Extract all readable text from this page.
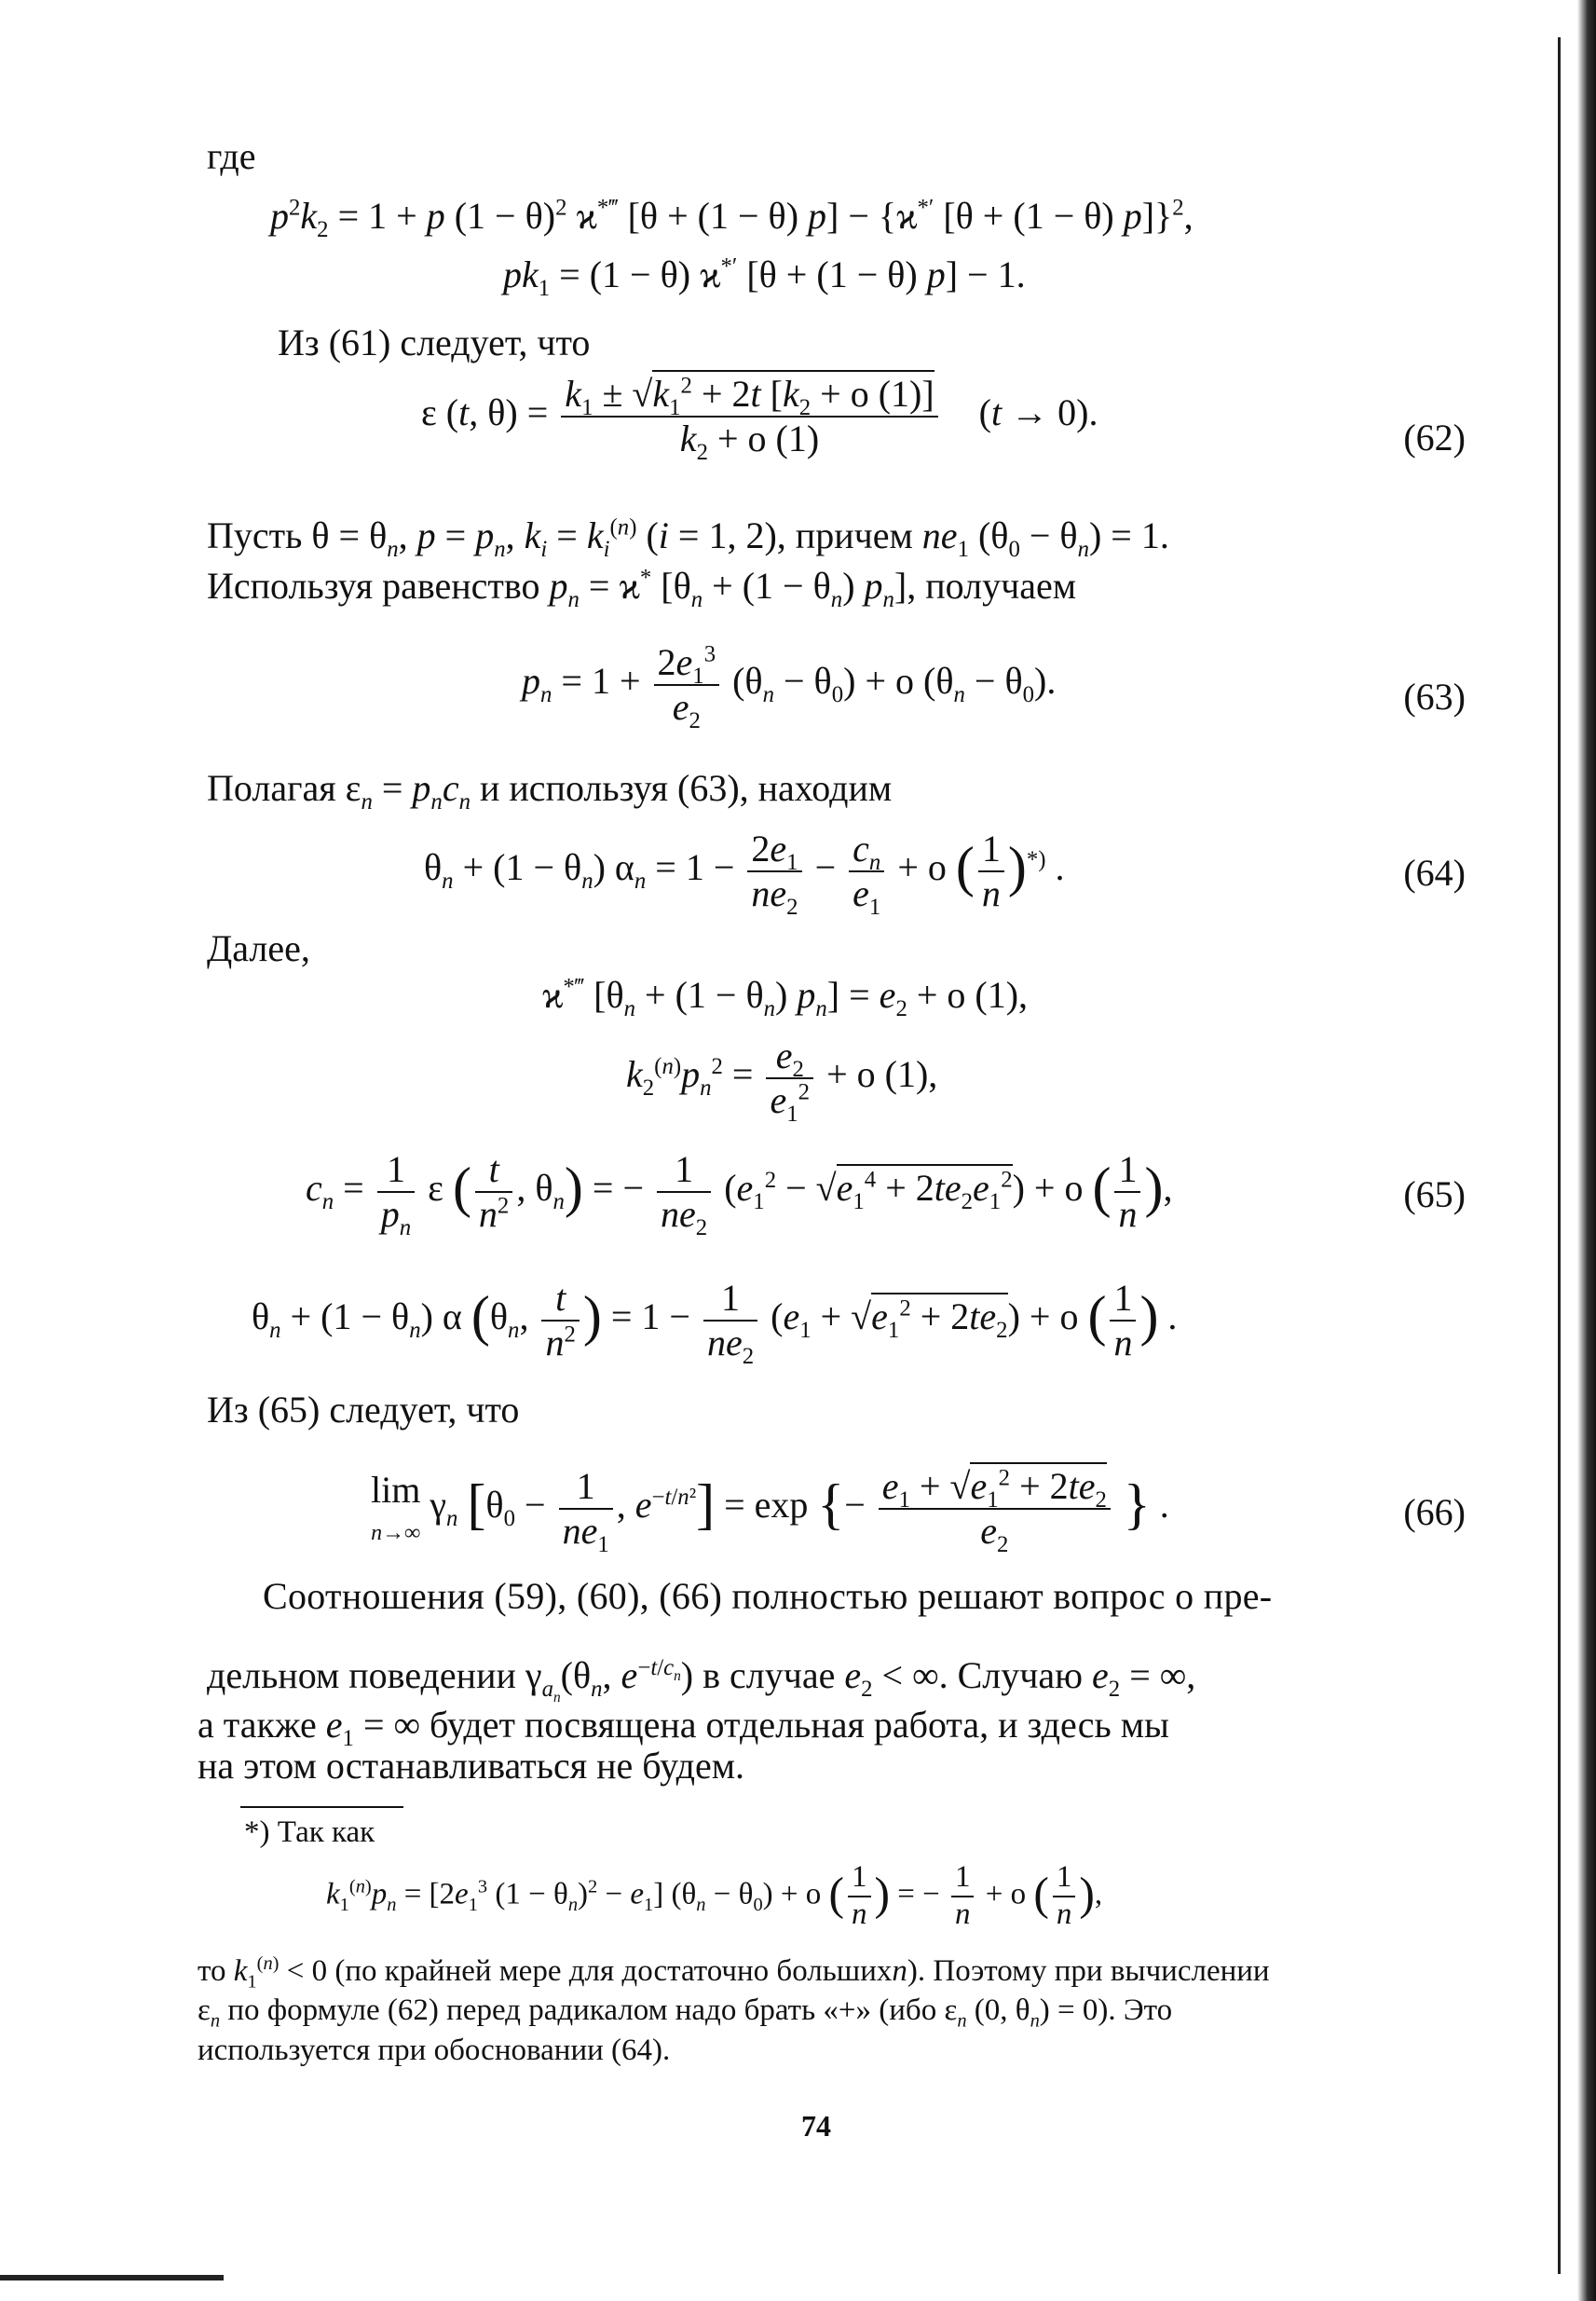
где
$p^2k_2 = 1 + p$ $(1 - \theta)^2$ ϰ*‴ [θ + (1 − θ) p] − {ϰ*′ [θ + (1 − θ) p]}$^2$,
$pk_1 = (1 - \theta)$ ϰ*′ [θ + (1 − θ) p] − 1.
Из (61) следует, что
ε (t, $\theta) = \frac{k_1 \pm √k_1^2 + 2t [k_2 + o (1)]}{k_2 + o (1)} (t \to 0)$.
(62)
Пусть $\theta = \theta_n$, $p = p_n$, $k_i = k_i^{(n)}$ (i = 1, 2), причем $ne_1$ $(\theta_0 - \theta_n) = 1$.
Используя равенство $p_n = ϰ^*$ [$\theta_n + (1 - \theta_n)$ $p_n$], получаем
$p_n = 1 + \frac{2e_1^3}{e_2} (\theta_n - \theta_0) + o$ $(\theta_n - \theta_0)$.	(63)
Полагая $\varepsilon_n = p_nc_n$ и используя (63), находим
$\theta_n + (1 - \theta_n) \alpha_n = 1 - \frac{2e_1}{ne_2} - \frac{c_n}{e_1} + o$ ( $\frac{1}{n} )^{*)}$ .	(64)
Далее,
ϰ*‴ $[\theta_n + (1 - \theta_n) p_n] = e_2 + o$ (1),
$k_2^{(n)}p_n^2 = \frac{e_2}{e_1^2} + o$ (1),
$c_n = \frac{1}{p_n}$ ε ( $\frac{t}{n^2}$ , $\theta_n$) = − $\frac{1}{ne_2} (e_1^2 - √e_1^4 + 2te_2e_1^2) + o$ ( $\frac{1}{n}$ ),	(65)
$\theta_n + (1 - \theta_n)$ α ($\theta_n$, $\frac{t}{n^2}$ ) = $1 - \frac{1}{ne_2} (e_1 + √e_1^2 + 2te_2) + o$ ( $\frac{1}{n}$ ) .
Из (65) следует, что
lim
n→∞ $\gamma_n$ [$\theta_0 - \frac{1}{ne_1}$ , $e^{-t/n^2}] = \exp$ {− $\frac{e_1 + √e_1^2 + 2te_2}{e_2}$ } .	(66)
Соотношения (59), (60), (66) полностью решают вопрос о пре-
дельном поведении $\gamma_{a_n}(\theta_n$, $e^{-t/c_n}$) в случае $e_2$ < ∞. Случаю $e_2$ = ∞,
а также $e_1$ = ∞ будет посвящена отдельная работа, и здесь мы
на этом останавливаться не будем.
*) Так как
$k_1^{(n)}p_n = [2e_1^3$ $(1 - \theta_n)^2 - e_1$] $(\theta_n - \theta_0) + o$ ( $\frac{1}{n}$ ) = − $\frac{1}{n} + o$ ( $\frac{1}{n}$ ),
то $k_1^{(n)} < 0$ (по крайней мере для достаточно большихn). Поэтому при вычислении
$\varepsilon_n$ по формуле (62) перед радикалом надо брать «+» (ибо $\varepsilon_n$ (0, $\theta_n) = 0$). Это
используется при обосновании (64).
74
